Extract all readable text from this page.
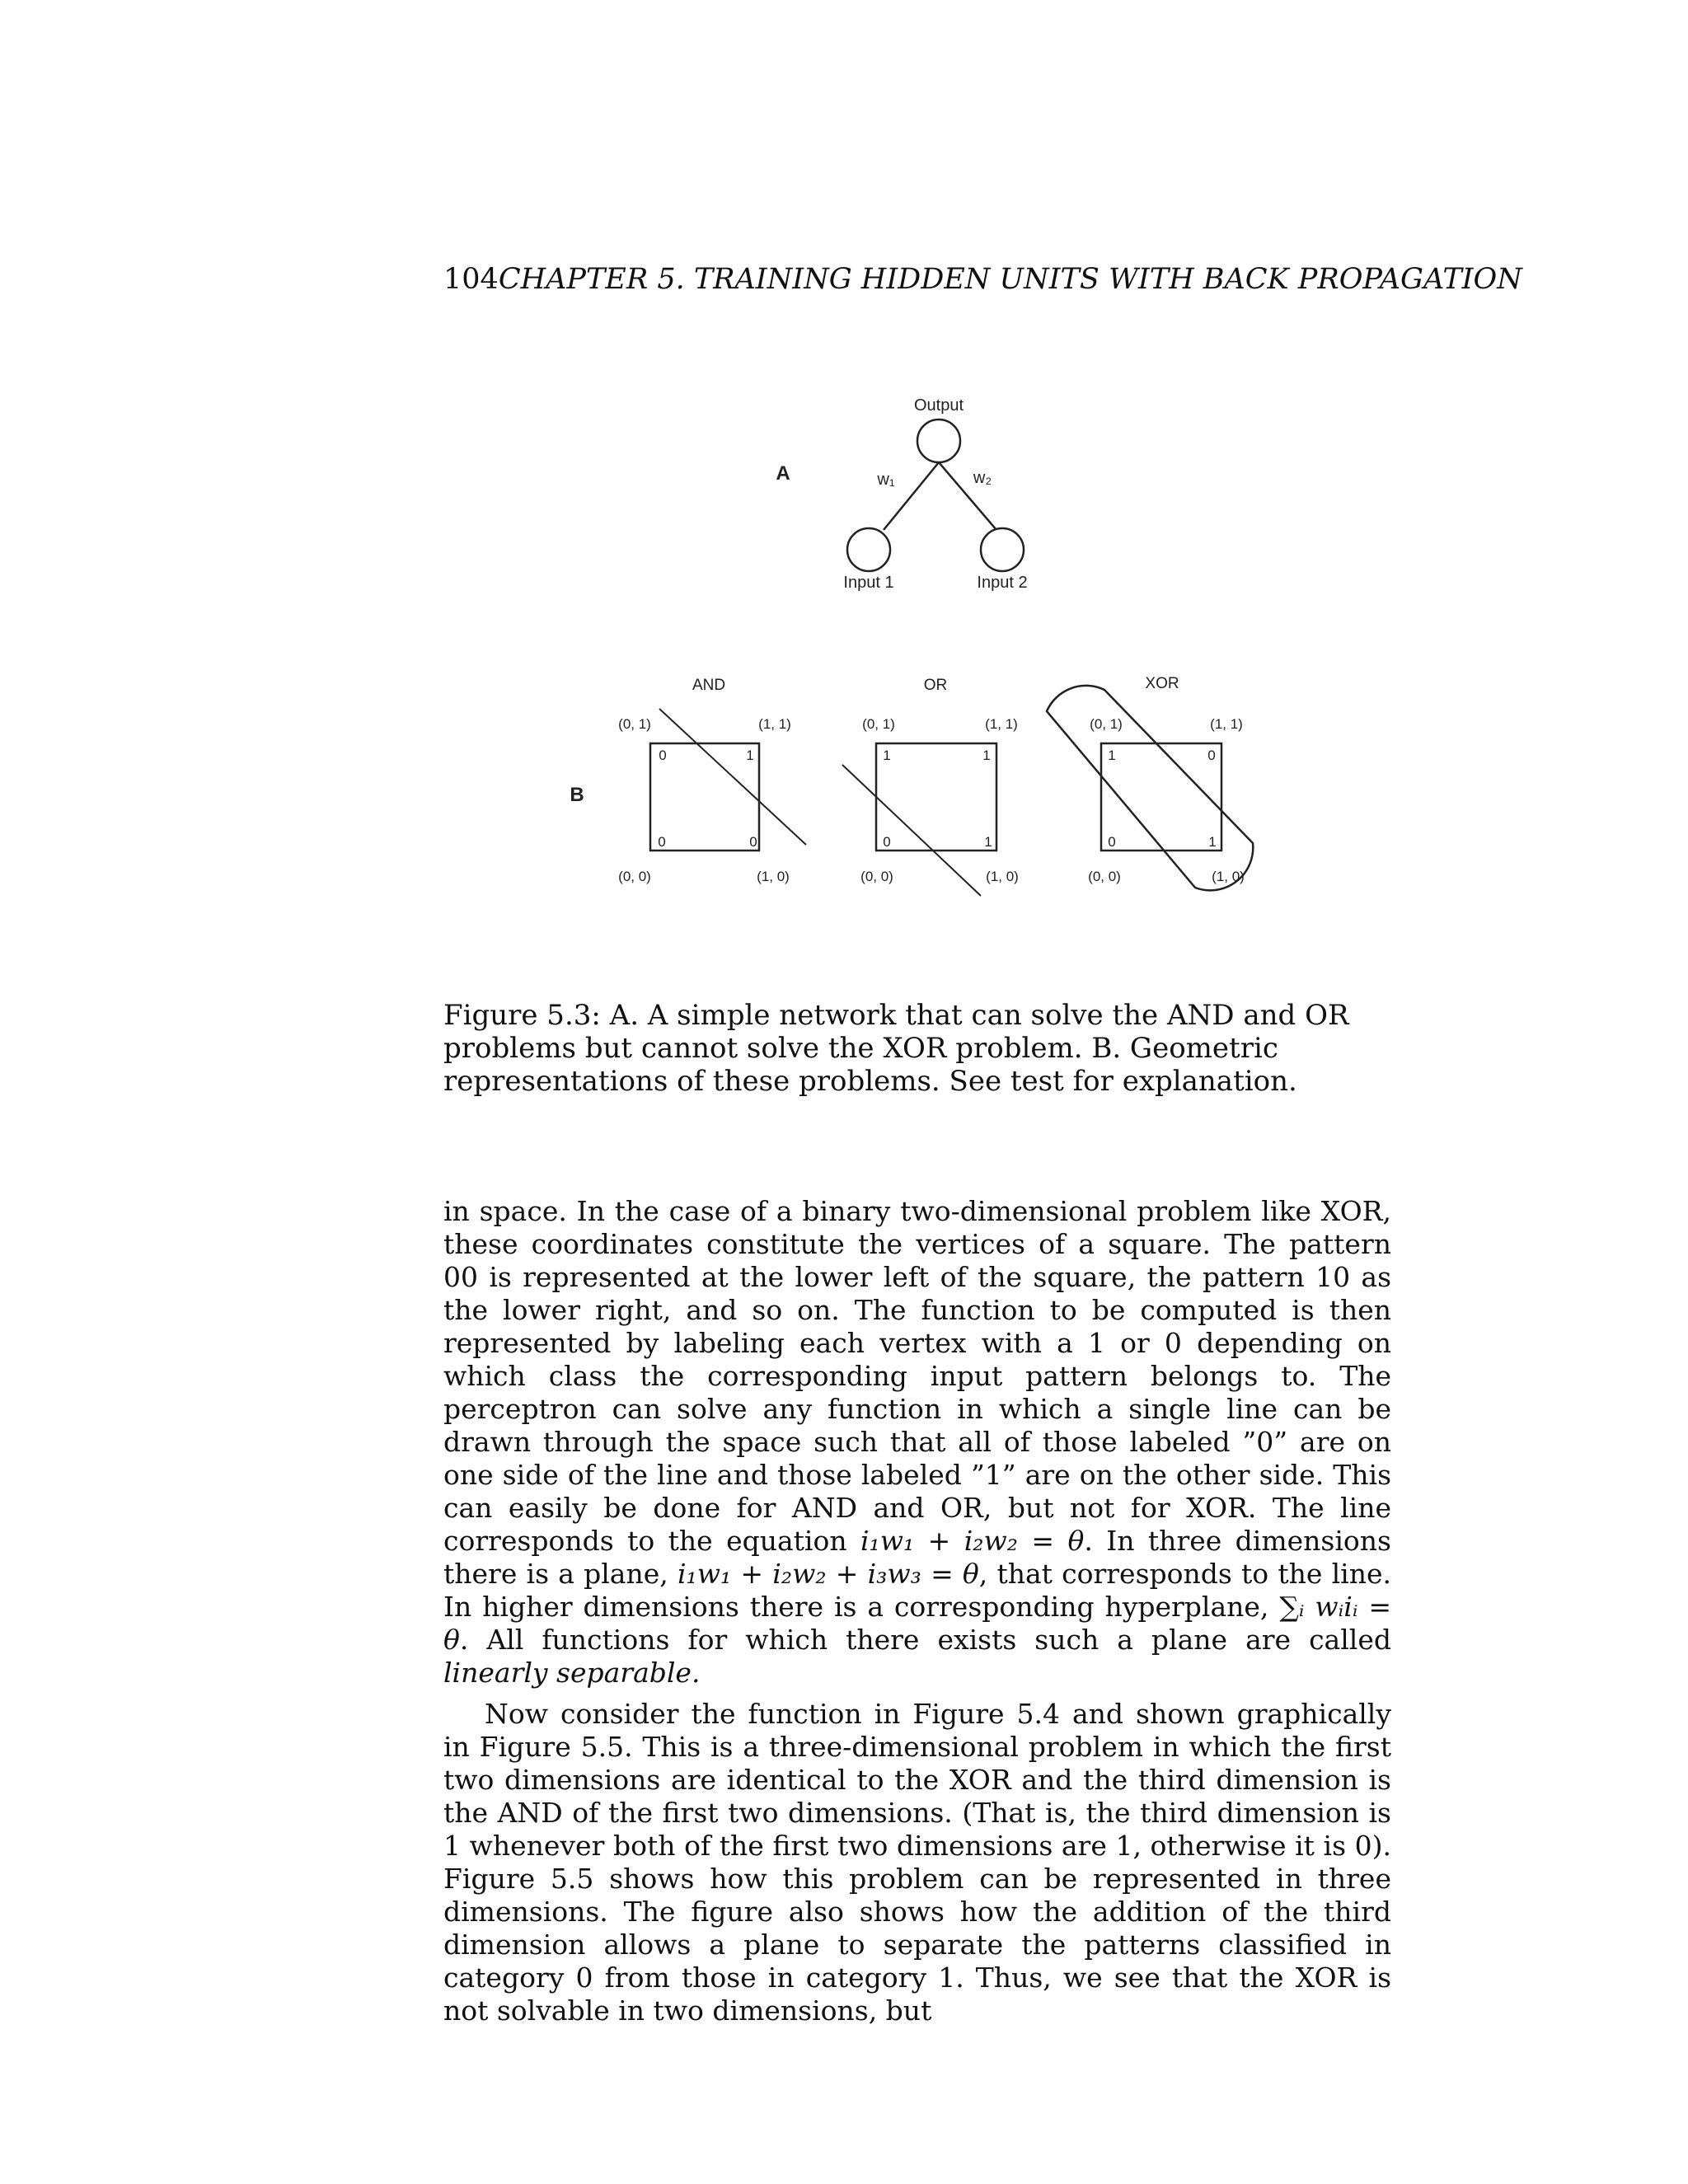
104CHAPTER 5. TRAINING HIDDEN UNITS WITH BACK PROPAGATION
Output
A	w₁	w₂
Input 1	Input 2
B
AND
(0, 1)	(1, 1)
(0, 0)	(1, 0)
0	1
0	0
OR
(0, 1)	(1, 1)
(0, 0)	(1, 0)
1	1
0	1
XOR
(0, 1)	(1, 1)
(0, 0)	(1, 0)
1	0
0	1
Figure 5.3: A. A simple network that can solve the AND and OR problems but cannot solve the XOR problem. B. Geometric representations of these problems. See test for explanation.

in space. In the case of a binary two-dimensional problem like XOR, these coordinates constitute the vertices of a square. The pattern 00 is represented at the lower left of the square, the pattern 10 as the lower right, and so on. The function to be computed is then represented by labeling each vertex with a 1 or 0 depending on which class the corresponding input pattern belongs to. The perceptron can solve any function in which a single line can be drawn through the space such that all of those labeled ”0” are on one side of the line and those labeled ”1” are on the other side. This can easily be done for AND and OR, but not for XOR. The line corresponds to the equation i₁w₁ + i₂w₂ = θ. In three dimensions there is a plane, i₁w₁ + i₂w₂ + i₃w₃ = θ, that corresponds to the line. In higher dimensions there is a corresponding hyperplane, ∑ᵢ wᵢiᵢ = θ. All functions for which there exists such a plane are called linearly separable.

Now consider the function in Figure 5.4 and shown graphically in Figure 5.5. This is a three-dimensional problem in which the first two dimensions are identical to the XOR and the third dimension is the AND of the first two dimensions. (That is, the third dimension is 1 whenever both of the first two dimensions are 1, otherwise it is 0). Figure 5.5 shows how this problem can be represented in three dimensions. The figure also shows how the addition of the third dimension allows a plane to separate the patterns classified in category 0 from those in category 1. Thus, we see that the XOR is not solvable in two dimensions, but
